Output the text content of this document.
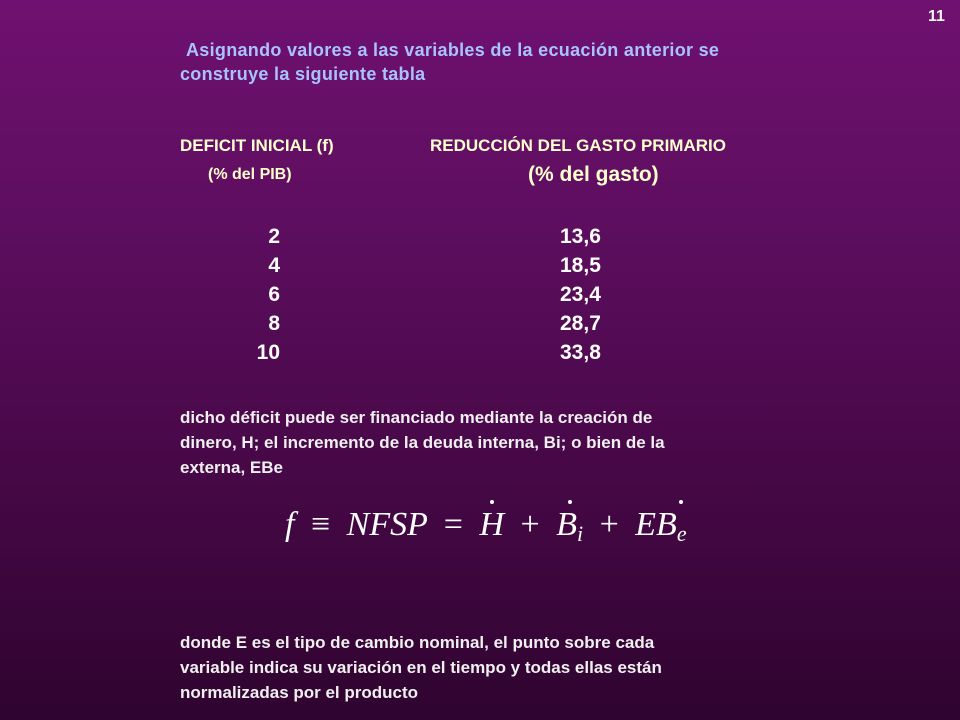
11
Asignando valores a las variables de la ecuación anterior se
construye la siguiente tabla
DEFICIT INICIAL (f)	REDUCCIÓN DEL GASTO PRIMARIO
(% del PIB)	(% del gasto)
2
4
6
8
10
13,6
18,5
23,4
28,7
33,8
dicho déficit puede ser financiado mediante la creación de
dinero, H; el incremento de la deuda interna, Bi; o bien de la
externa, EBe
f ≡ NFSP = $H + B_i + EB_e$
donde E es el tipo de cambio nominal, el punto sobre cada
variable indica su variación en el tiempo y todas ellas están
normalizadas por el producto
